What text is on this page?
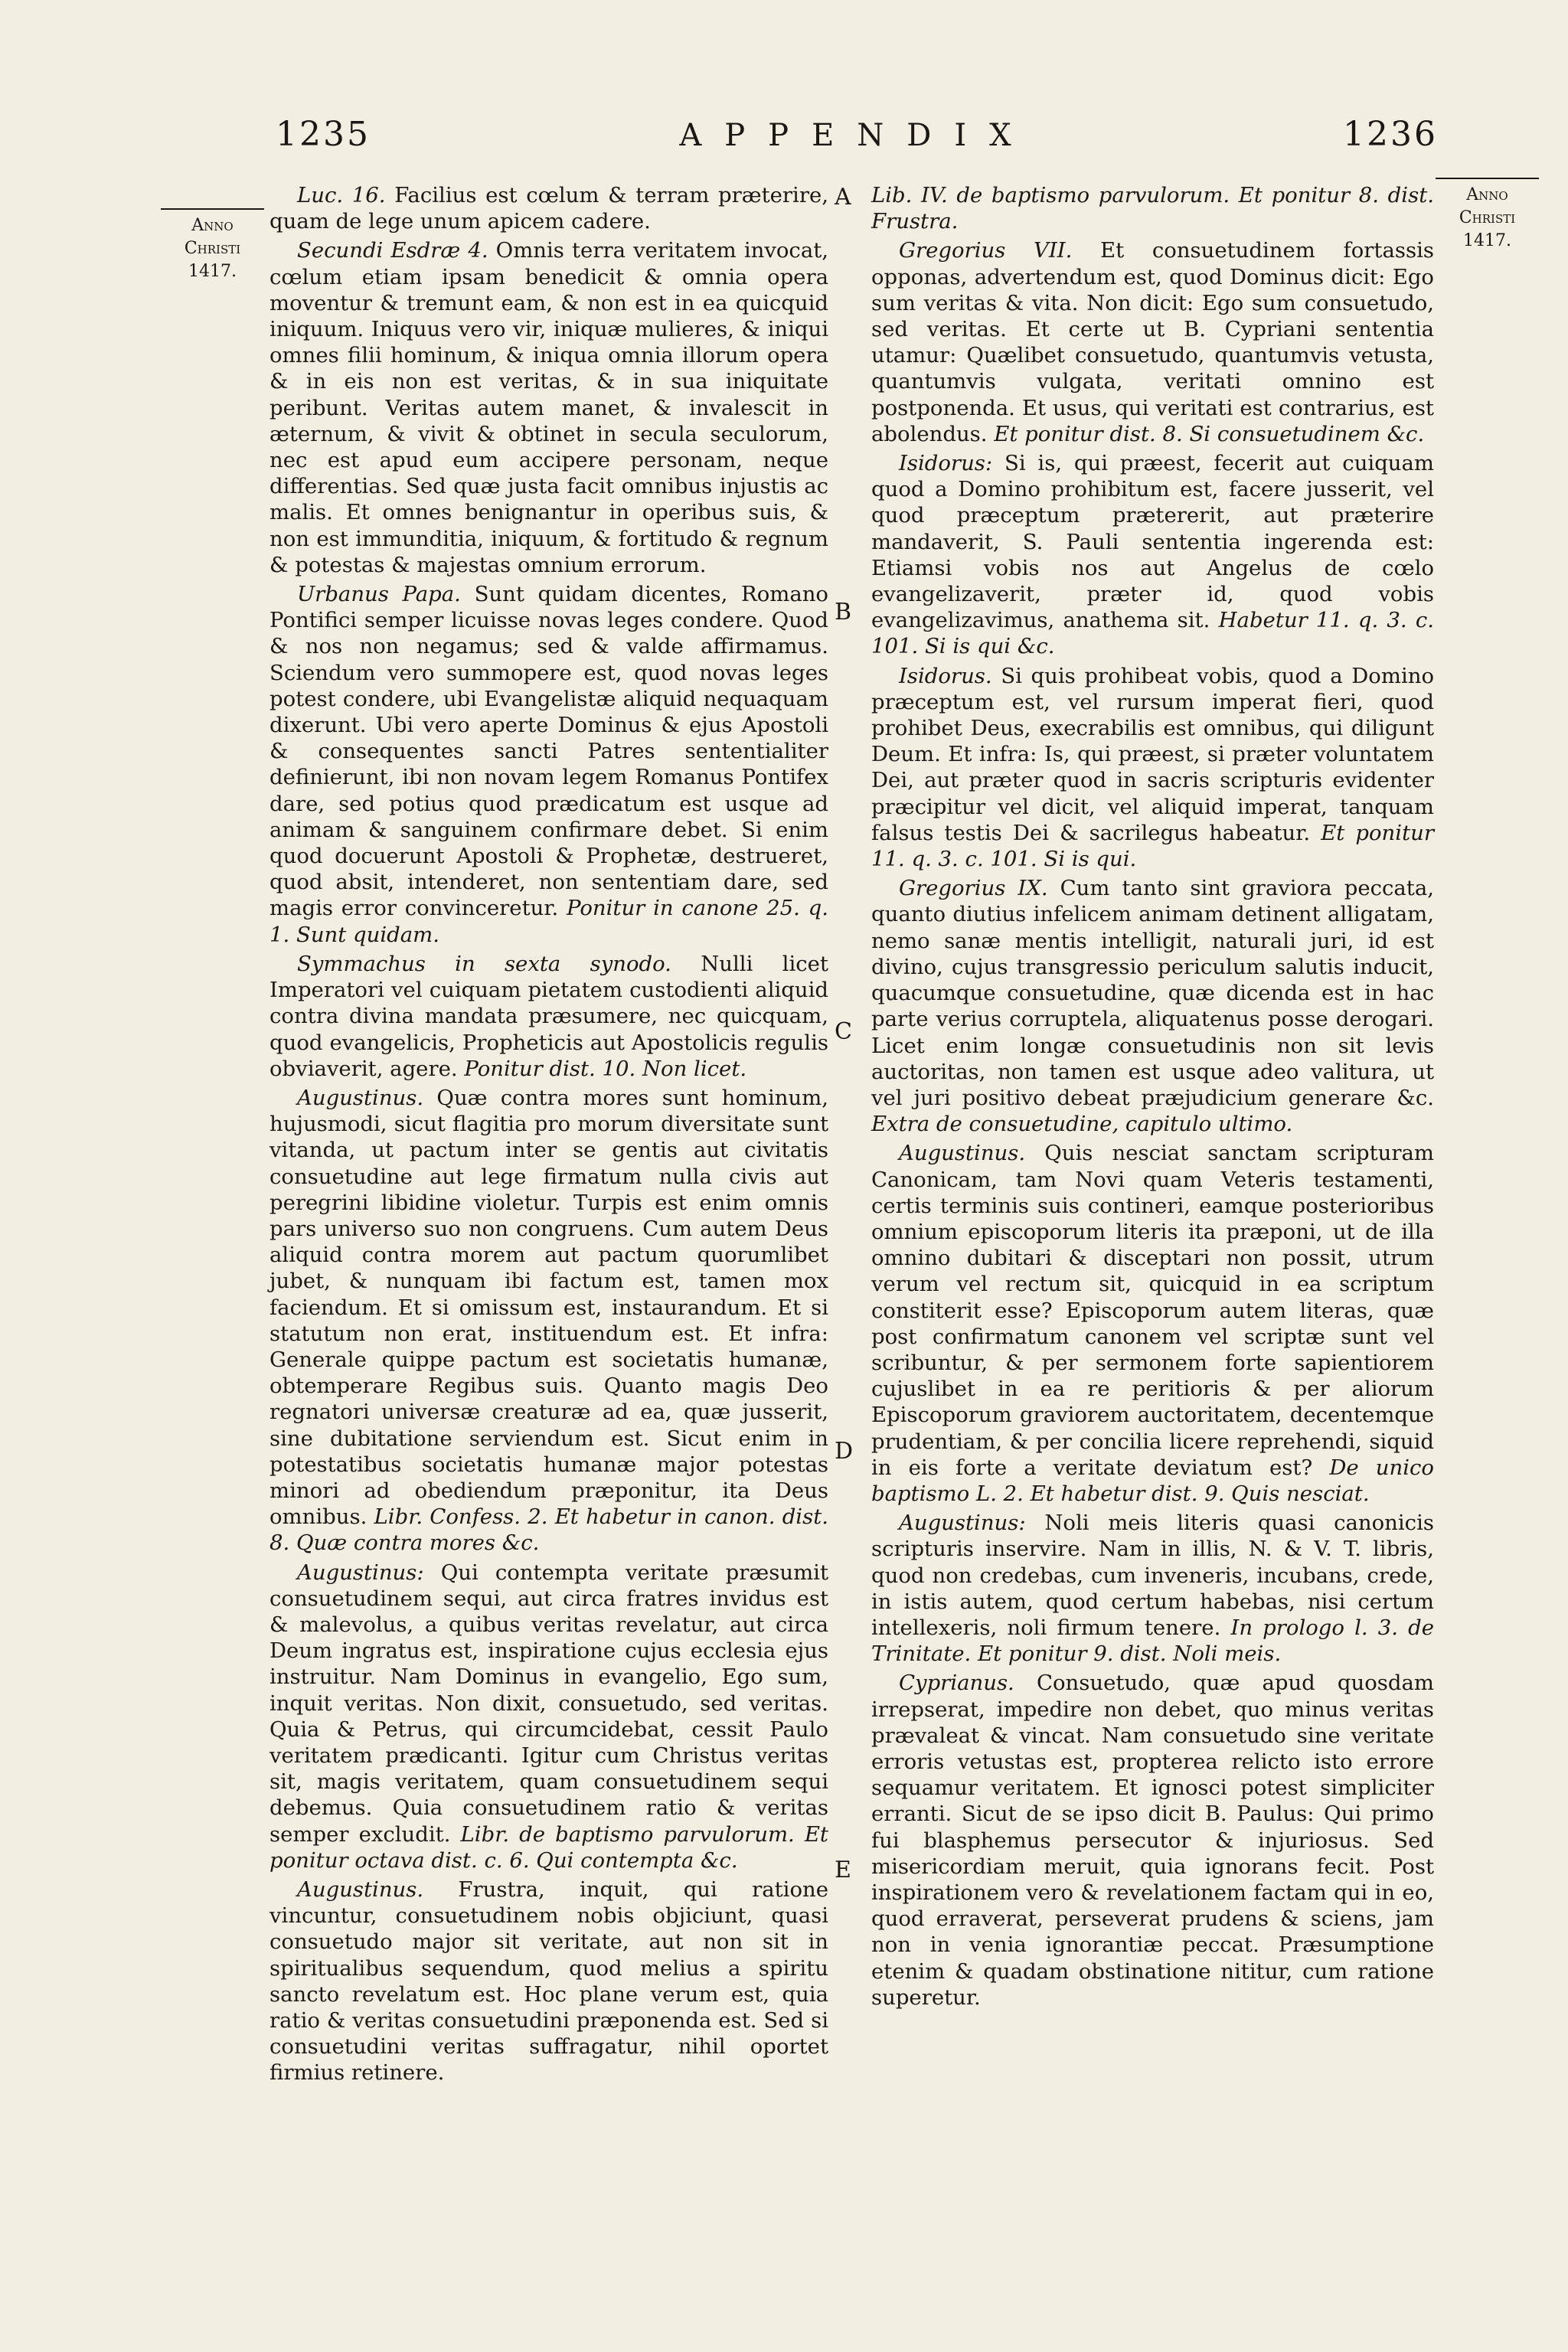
1235	APPENDIX	1236
Anno
Christi
1417.
Anno
Christi
1417.
A
B
C
D
E

Luc. 16. Facilius est cœlum & terram præterire, quam de lege unum apicem cadere.

Secundi Esdræ 4. Omnis terra veritatem invocat, cœlum etiam ipsam benedicit & omnia opera moventur & tremunt eam, & non est in ea quicquid iniquum. Iniquus vero vir, iniquæ mulieres, & iniqui omnes filii hominum, & iniqua omnia illorum opera & in eis non est veritas, & in sua iniquitate peribunt. Veritas autem manet, & invalescit in æternum, & vivit & obtinet in secula seculorum, nec est apud eum accipere personam, neque differentias. Sed quæ justa facit omnibus injustis ac malis. Et omnes benignantur in operibus suis, & non est immunditia, iniquum, & fortitudo & regnum & potestas & majestas omnium errorum.

Urbanus Papa. Sunt quidam dicentes, Romano Pontifici semper licuisse novas leges condere. Quod & nos non negamus; sed & valde affirmamus. Sciendum vero summopere est, quod novas leges potest condere, ubi Evangelistæ aliquid nequaquam dixerunt. Ubi vero aperte Dominus & ejus Apostoli & consequentes sancti Patres sententialiter definierunt, ibi non novam legem Romanus Pontifex dare, sed potius quod prædicatum est usque ad animam & sanguinem confirmare debet. Si enim quod docuerunt Apostoli & Prophetæ, destrueret, quod absit, intenderet, non sententiam dare, sed magis error convinceretur. Ponitur in canone 25. q. 1. Sunt quidam.

Symmachus in sexta synodo. Nulli licet Imperatori vel cuiquam pietatem custodienti aliquid contra divina mandata præsumere, nec quicquam, quod evangelicis, Propheticis aut Apostolicis regulis obviaverit, agere. Ponitur dist. 10. Non licet.

Augustinus. Quæ contra mores sunt hominum, hujusmodi, sicut flagitia pro morum diversitate sunt vitanda, ut pactum inter se gentis aut civitatis consuetudine aut lege firmatum nulla civis aut peregrini libidine violetur. Turpis est enim omnis pars universo suo non congruens. Cum autem Deus aliquid contra morem aut pactum quorumlibet jubet, & nunquam ibi factum est, tamen mox faciendum. Et si omissum est, instaurandum. Et si statutum non erat, instituendum est. Et infra: Generale quippe pactum est societatis humanæ, obtemperare Regibus suis. Quanto magis Deo regnatori universæ creaturæ ad ea, quæ jusserit, sine dubitatione serviendum est. Sicut enim in potestatibus societatis humanæ major potestas minori ad obediendum præponitur, ita Deus omnibus. Libr. Confess. 2. Et habetur in canon. dist. 8. Quæ contra mores &c.

Augustinus: Qui contempta veritate præsumit consuetudinem sequi, aut circa fratres invidus est & malevolus, a quibus veritas revelatur, aut circa Deum ingratus est, inspiratione cujus ecclesia ejus instruitur. Nam Dominus in evangelio, Ego sum, inquit veritas. Non dixit, consuetudo, sed veritas. Quia & Petrus, qui circumcidebat, cessit Paulo veritatem prædicanti. Igitur cum Christus veritas sit, magis veritatem, quam consuetudinem sequi debemus. Quia consuetudinem ratio & veritas semper excludit. Libr. de baptismo parvulorum. Et ponitur octava dist. c. 6. Qui contempta &c.

Augustinus. Frustra, inquit, qui ratione vincuntur, consuetudinem nobis objiciunt, quasi consuetudo major sit veritate, aut non sit in spiritualibus sequendum, quod melius a spiritu sancto revelatum est. Hoc plane verum est, quia ratio & veritas consuetudini præponenda est. Sed si consuetudini veritas suffragatur, nihil oportet firmius retinere.

Lib. IV. de baptismo parvulorum. Et ponitur 8. dist. Frustra.

Gregorius VII. Et consuetudinem fortassis opponas, advertendum est, quod Dominus dicit: Ego sum veritas & vita. Non dicit: Ego sum consuetudo, sed veritas. Et certe ut B. Cypriani sententia utamur: Quælibet consuetudo, quantumvis vetusta, quantumvis vulgata, veritati omnino est postponenda. Et usus, qui veritati est contrarius, est abolendus. Et ponitur dist. 8. Si consuetudinem &c.

Isidorus: Si is, qui præest, fecerit aut cuiquam quod a Domino prohibitum est, facere jusserit, vel quod præceptum prætererit, aut præterire mandaverit, S. Pauli sententia ingerenda est: Etiamsi vobis nos aut Angelus de cœlo evangelizaverit, præter id, quod vobis evangelizavimus, anathema sit. Habetur 11. q. 3. c. 101. Si is qui &c.

Isidorus. Si quis prohibeat vobis, quod a Domino præceptum est, vel rursum imperat fieri, quod prohibet Deus, execrabilis est omnibus, qui diligunt Deum. Et infra: Is, qui præest, si præter voluntatem Dei, aut præter quod in sacris scripturis evidenter præcipitur vel dicit, vel aliquid imperat, tanquam falsus testis Dei & sacrilegus habeatur. Et ponitur 11. q. 3. c. 101. Si is qui.

Gregorius IX. Cum tanto sint graviora peccata, quanto diutius infelicem animam detinent alligatam, nemo sanæ mentis intelligit, naturali juri, id est divino, cujus transgressio periculum salutis inducit, quacumque consuetudine, quæ dicenda est in hac parte verius corruptela, aliquatenus posse derogari. Licet enim longæ consuetudinis non sit levis auctoritas, non tamen est usque adeo valitura, ut vel juri positivo debeat præjudicium generare &c. Extra de consuetudine, capitulo ultimo.

Augustinus. Quis nesciat sanctam scripturam Canonicam, tam Novi quam Veteris testamenti, certis terminis suis contineri, eamque posterioribus omnium episcoporum literis ita præponi, ut de illa omnino dubitari & disceptari non possit, utrum verum vel rectum sit, quicquid in ea scriptum constiterit esse? Episcoporum autem literas, quæ post confirmatum canonem vel scriptæ sunt vel scribuntur, & per sermonem forte sapientiorem cujuslibet in ea re peritioris & per aliorum Episcoporum graviorem auctoritatem, decentemque prudentiam, & per concilia licere reprehendi, siquid in eis forte a veritate deviatum est? De unico baptismo L. 2. Et habetur dist. 9. Quis nesciat.

Augustinus: Noli meis literis quasi canonicis scripturis inservire. Nam in illis, N. & V. T. libris, quod non credebas, cum inveneris, incubans, crede, in istis autem, quod certum habebas, nisi certum intellexeris, noli firmum tenere. In prologo l. 3. de Trinitate. Et ponitur 9. dist. Noli meis.

Cyprianus. Consuetudo, quæ apud quosdam irrepserat, impedire non debet, quo minus veritas prævaleat & vincat. Nam consuetudo sine veritate erroris vetustas est, propterea relicto isto errore sequamur veritatem. Et ignosci potest simpliciter erranti. Sicut de se ipso dicit B. Paulus: Qui primo fui blasphemus persecutor & injuriosus. Sed misericordiam meruit, quia ignorans fecit. Post inspirationem vero & revelationem factam qui in eo, quod erraverat, perseverat prudens & sciens, jam non in venia ignorantiæ peccat. Præsumptione etenim & quadam obstinatione nititur, cum ratione superetur.
